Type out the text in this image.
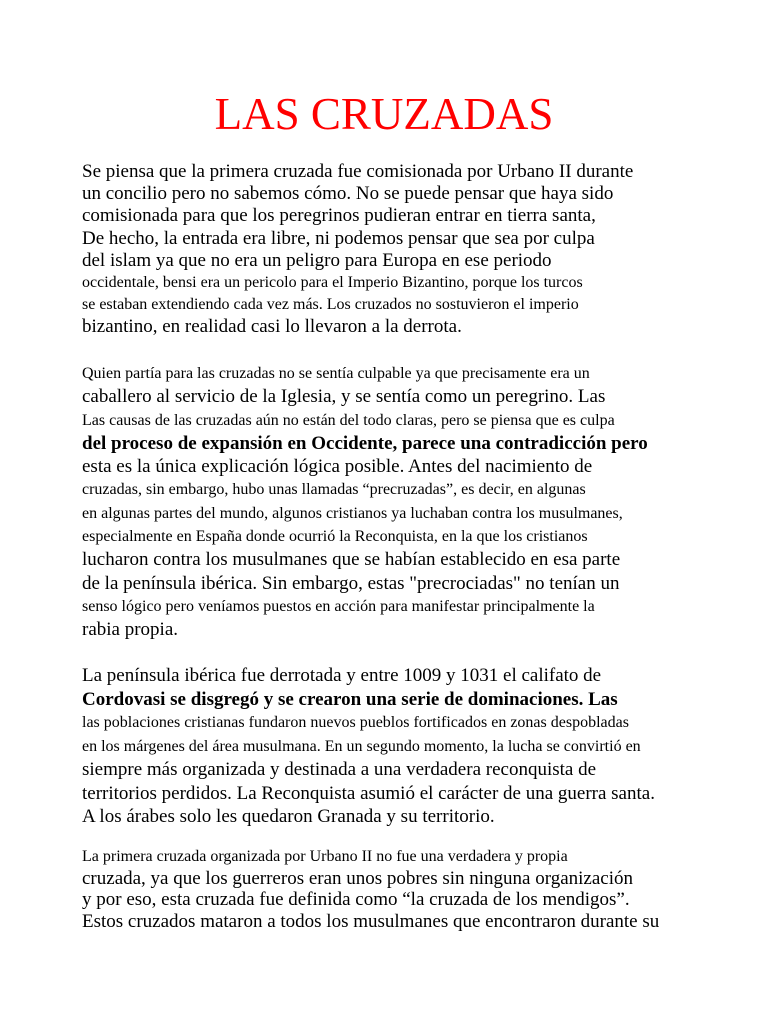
LAS CRUZADAS
Se piensa que la primera cruzada fue comisionada por Urbano II durante
un concilio pero no sabemos cómo. No se puede pensar que haya sido
comisionada para que los peregrinos pudieran entrar en tierra santa,
De hecho, la entrada era libre, ni podemos pensar que sea por culpa
del islam ya que no era un peligro para Europa en ese periodo
occidentale, bensi era un pericolo para el Imperio Bizantino, porque los turcos
se estaban extendiendo cada vez más. Los cruzados no sostuvieron el imperio
bizantino, en realidad casi lo llevaron a la derrota.
Quien partía para las cruzadas no se sentía culpable ya que precisamente era un
caballero al servicio de la Iglesia, y se sentía como un peregrino. Las
Las causas de las cruzadas aún no están del todo claras, pero se piensa que es culpa
del proceso de expansión en Occidente, parece una contradicción pero
esta es la única explicación lógica posible. Antes del nacimiento de
cruzadas, sin embargo, hubo unas llamadas “precruzadas”, es decir, en algunas
en algunas partes del mundo, algunos cristianos ya luchaban contra los musulmanes,
especialmente en España donde ocurrió la Reconquista, en la que los cristianos
lucharon contra los musulmanes que se habían establecido en esa parte
de la península ibérica. Sin embargo, estas "precrociadas" no tenían un
senso lógico pero veníamos puestos en acción para manifestar principalmente la
rabia propia.
La península ibérica fue derrotada y entre 1009 y 1031 el califato de
Cordovasi se disgregó y se crearon una serie de dominaciones. Las
las poblaciones cristianas fundaron nuevos pueblos fortificados en zonas despobladas
en los márgenes del área musulmana. En un segundo momento, la lucha se convirtió en
siempre más organizada y destinada a una verdadera reconquista de
territorios perdidos. La Reconquista asumió el carácter de una guerra santa.
A los árabes solo les quedaron Granada y su territorio.
La primera cruzada organizada por Urbano II no fue una verdadera y propia
cruzada, ya que los guerreros eran unos pobres sin ninguna organización
y por eso, esta cruzada fue definida como “la cruzada de los mendigos”.
Estos cruzados mataron a todos los musulmanes que encontraron durante su
